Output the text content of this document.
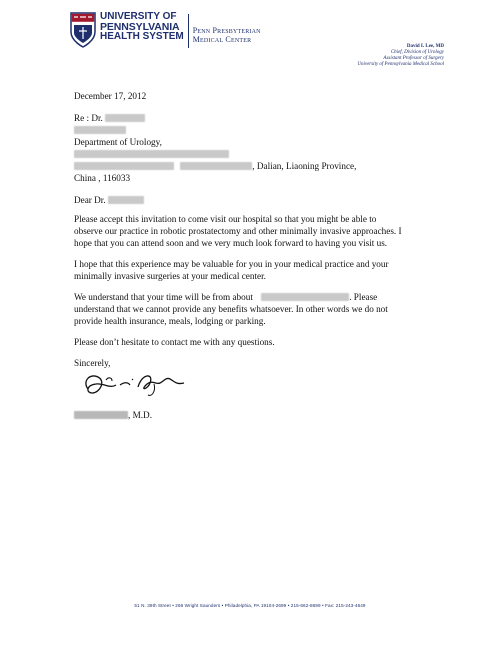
UNIVERSITY OF
PENNSYLVANIA
HEALTH SYSTEM
Penn Presbyterian
Medical Center
David I. Lee, MD
Chief, Division of Urology
Assistant Professor of Surgery
University of Pennsylvania Medical School
December 17, 2012
Re : Dr.
Department of Urology,
, Dalian, Liaoning Province,
China , 116033
Dear Dr.
Please accept this invitation to come visit our hospital so that you might be able to
observe our practice in robotic prostatectomy and other minimally invasive approaches. I
hope that you can attend soon and we very much look forward to having you visit us.
I hope that this experience may be valuable for you in your medical practice and your
minimally invasive surgeries at your medical center.
We understand that your time will be from about	. Please
understand that we cannot provide any benefits whatsoever. In other words we do not
provide health insurance, meals, lodging or parking.
Please don’t hesitate to contact me with any questions.
Sincerely,
, M.D.
51 N. 39th Street • 266 Wright Saunders • Philadelphia, PA 19104-2699 • 215-662-8699 • Fax: 215-243-4649
